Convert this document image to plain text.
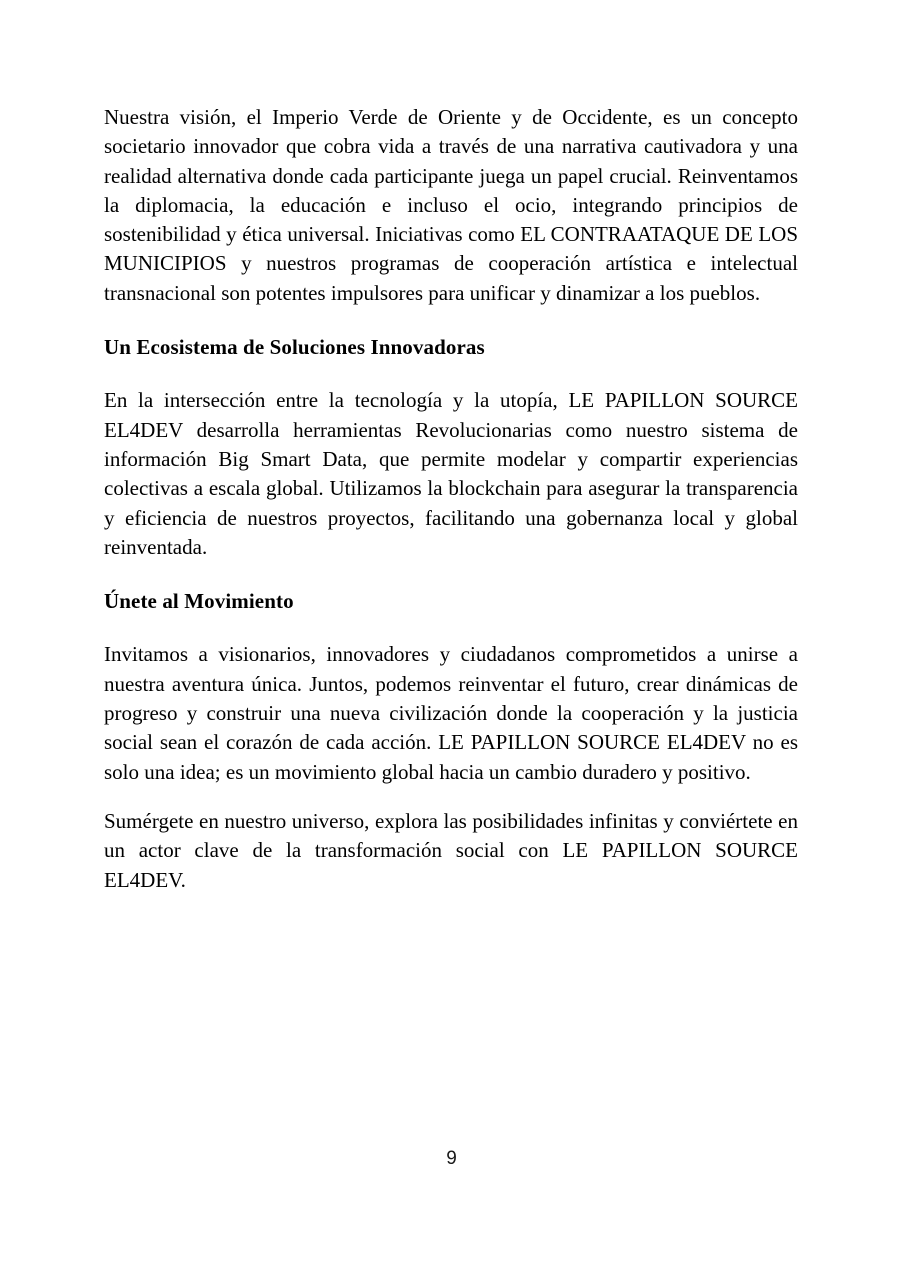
Nuestra visión, el Imperio Verde de Oriente y de Occidente, es un concepto societario innovador que cobra vida a través de una narrativa cautivadora y una realidad alternativa donde cada participante juega un papel crucial. Reinventamos la diplomacia, la educación e incluso el ocio, integrando principios de sostenibilidad y ética universal. Iniciativas como EL CONTRAATAQUE DE LOS MUNICIPIOS y nuestros programas de cooperación artística e intelectual transnacional son potentes impulsores para unificar y dinamizar a los pueblos.

Un Ecosistema de Soluciones Innovadoras

En la intersección entre la tecnología y la utopía, LE PAPILLON SOURCE EL4DEV desarrolla herramientas Revolucionarias como nuestro sistema de información Big Smart Data, que permite modelar y compartir experiencias colectivas a escala global. Utilizamos la blockchain para asegurar la transparencia y eficiencia de nuestros proyectos, facilitando una gobernanza local y global reinventada.

Únete al Movimiento

Invitamos a visionarios, innovadores y ciudadanos comprometidos a unirse a nuestra aventura única. Juntos, podemos reinventar el futuro, crear dinámicas de progreso y construir una nueva civilización donde la cooperación y la justicia social sean el corazón de cada acción. LE PAPILLON SOURCE EL4DEV no es solo una idea; es un movimiento global hacia un cambio duradero y positivo.

Sumérgete en nuestro universo, explora las posibilidades infinitas y conviértete en un actor clave de la transformación social con LE PAPILLON SOURCE EL4DEV.

9
